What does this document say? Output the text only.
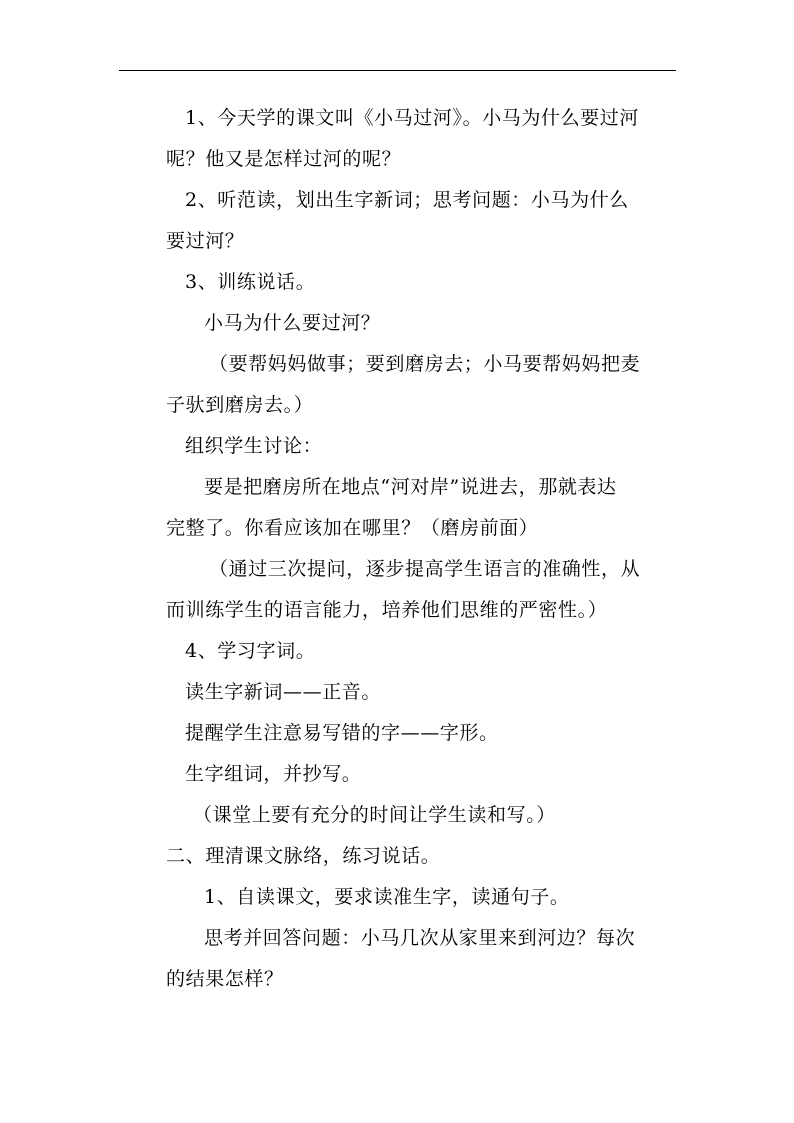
1、今天学的课文叫《小马过河》。小马为什么要过河

呢？他又是怎样过河的呢？

2、听范读，划出生字新词；思考问题：小马为什么

要过河？

3、训练说话。

小马为什么要过河？

（要帮妈妈做事；要到磨房去；小马要帮妈妈把麦

子驮到磨房去。）

组织学生讨论：

要是把磨房所在地点“河对岸”说进去，那就表达

完整了。你看应该加在哪里？（磨房前面）

（通过三次提问，逐步提高学生语言的准确性，从

而训练学生的语言能力，培养他们思维的严密性。）

4、学习字词。

读生字新词——正音。

提醒学生注意易写错的字——字形。

生字组词，并抄写。

（课堂上要有充分的时间让学生读和写。）

二、理清课文脉络，练习说话。

1、自读课文，要求读准生字，读通句子。

思考并回答问题：小马几次从家里来到河边？每次

的结果怎样？
